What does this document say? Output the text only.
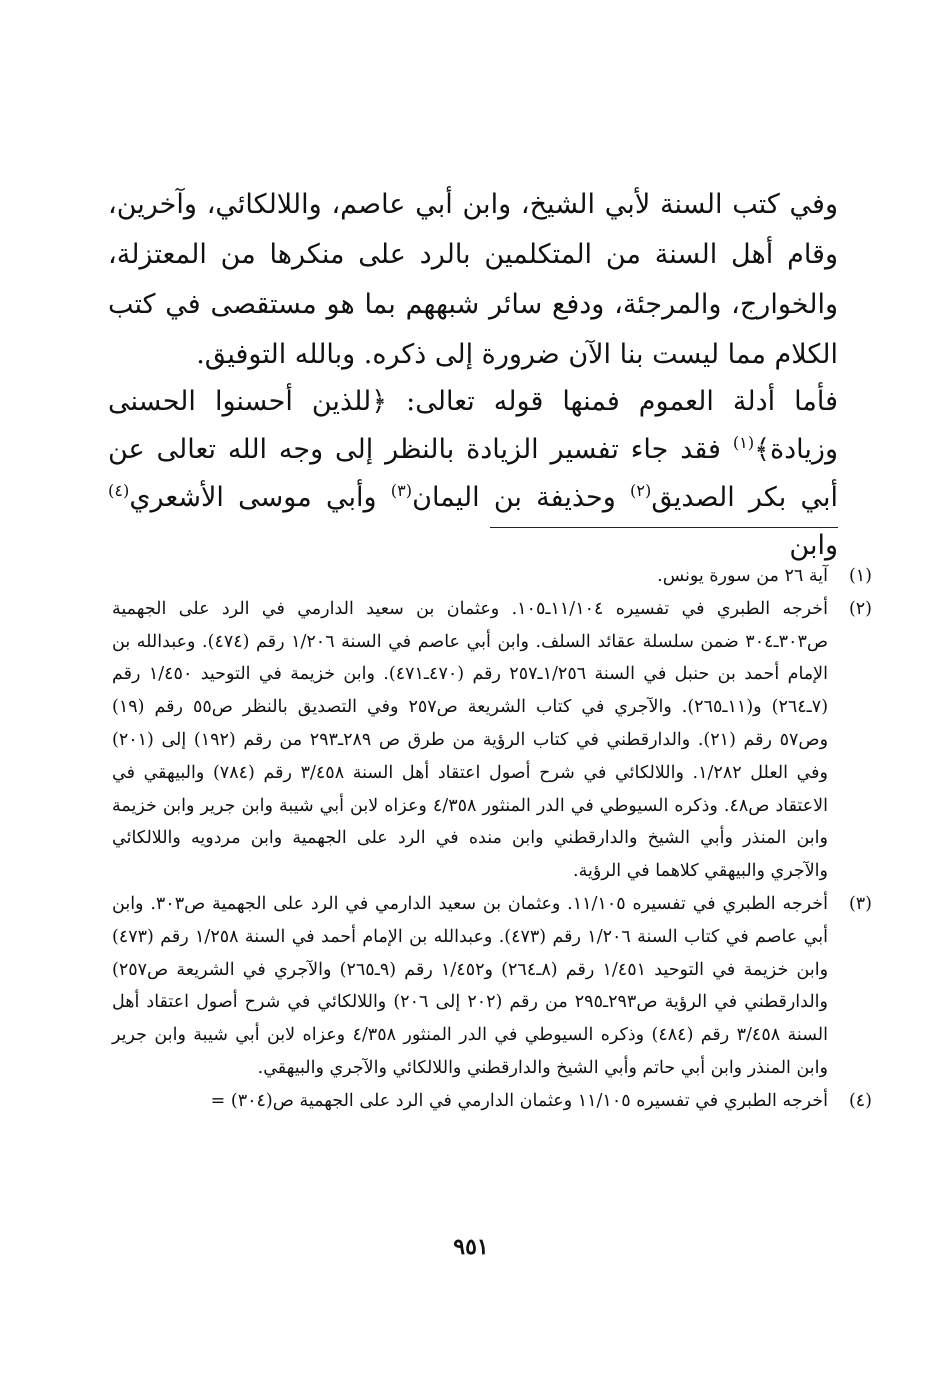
وفي كتب السنة لأبي الشيخ، وابن أبي عاصم، واللالكائي، وآخرين، وقام أهل السنة من المتكلمين بالرد على منكرها من المعتزلة، والخوارج، والمرجئة، ودفع سائر شبههم بما هو مستقصى في كتب الكلام مما ليست بنا الآن ضرورة إلى ذكره. وبالله التوفيق.

فأما أدلة العموم فمنها قوله تعالى: ﴿للذين أحسنوا الحسنى وزيادة﴾$^{(١)}$ فقد جاء تفسير الزيادة بالنظر إلى وجه الله تعالى عن أبي بكر الصديق$^{(٢)}$ وحذيفة بن اليمان$^{(٣)}$ وأبي موسى الأشعري$^{(٤)}$ وابن

(١)
آية ٢٦ من سورة يونس.
(٢)
أخرجه الطبري في تفسيره ١١/١٠٤ـ١٠٥. وعثمان بن سعيد الدارمي في الرد على الجهمية ص٣٠٣ـ٣٠٤ ضمن سلسلة عقائد السلف. وابن أبي عاصم في السنة ١/٢٠٦ رقم (٤٧٤). وعبدالله بن الإمام أحمد بن حنبل في السنة ١/٢٥٦ـ٢٥٧ رقم (٤٧٠ـ٤٧١). وابن خزيمة في التوحيد ١/٤٥٠ رقم (٧ـ٢٦٤) و(١١ـ٢٦٥). والآجري في كتاب الشريعة ص٢٥٧ وفي التصديق بالنظر ص٥٥ رقم (١٩) وص٥٧ رقم (٢١). والدارقطني في كتاب الرؤية من طرق ص ٢٨٩ـ٢٩٣ من رقم (١٩٢) إلى (٢٠١) وفي العلل ١/٢٨٢. واللالكائي في شرح أصول اعتقاد أهل السنة ٣/٤٥٨ رقم (٧٨٤) والبيهقي في الاعتقاد ص٤٨. وذكره السيوطي في الدر المنثور ٤/٣٥٨ وعزاه لابن أبي شيبة وابن جرير وابن خزيمة وابن المنذر وأبي الشيخ والدارقطني وابن منده في الرد على الجهمية وابن مردويه واللالكائي والآجري والبيهقي كلاهما في الرؤية.
(٣)
أخرجه الطبري في تفسيره ١١/١٠٥. وعثمان بن سعيد الدارمي في الرد على الجهمية ص٣٠٣. وابن أبي عاصم في كتاب السنة ١/٢٠٦ رقم (٤٧٣). وعبدالله بن الإمام أحمد في السنة ١/٢٥٨ رقم (٤٧٣) وابن خزيمة في التوحيد ١/٤٥١ رقم (٨ـ٢٦٤) و١/٤٥٢ رقم (٩ـ٢٦٥) والآجري في الشريعة ص٢٥٧) والدارقطني في الرؤية ص٢٩٣ـ٢٩٥ من رقم (٢٠٢ إلى ٢٠٦) واللالكائي في شرح أصول اعتقاد أهل السنة ٣/٤٥٨ رقم (٤٨٤) وذكره السيوطي في الدر المنثور ٤/٣٥٨ وعزاه لابن أبي شيبة وابن جرير وابن المنذر وابن أبي حاتم وأبي الشيخ والدارقطني واللالكائي والآجري والبيهقي.
(٤)
أخرجه الطبري في تفسيره ١١/١٠٥ وعثمان الدارمي في الرد على الجهمية ص(٣٠٤) =
٩٥١
